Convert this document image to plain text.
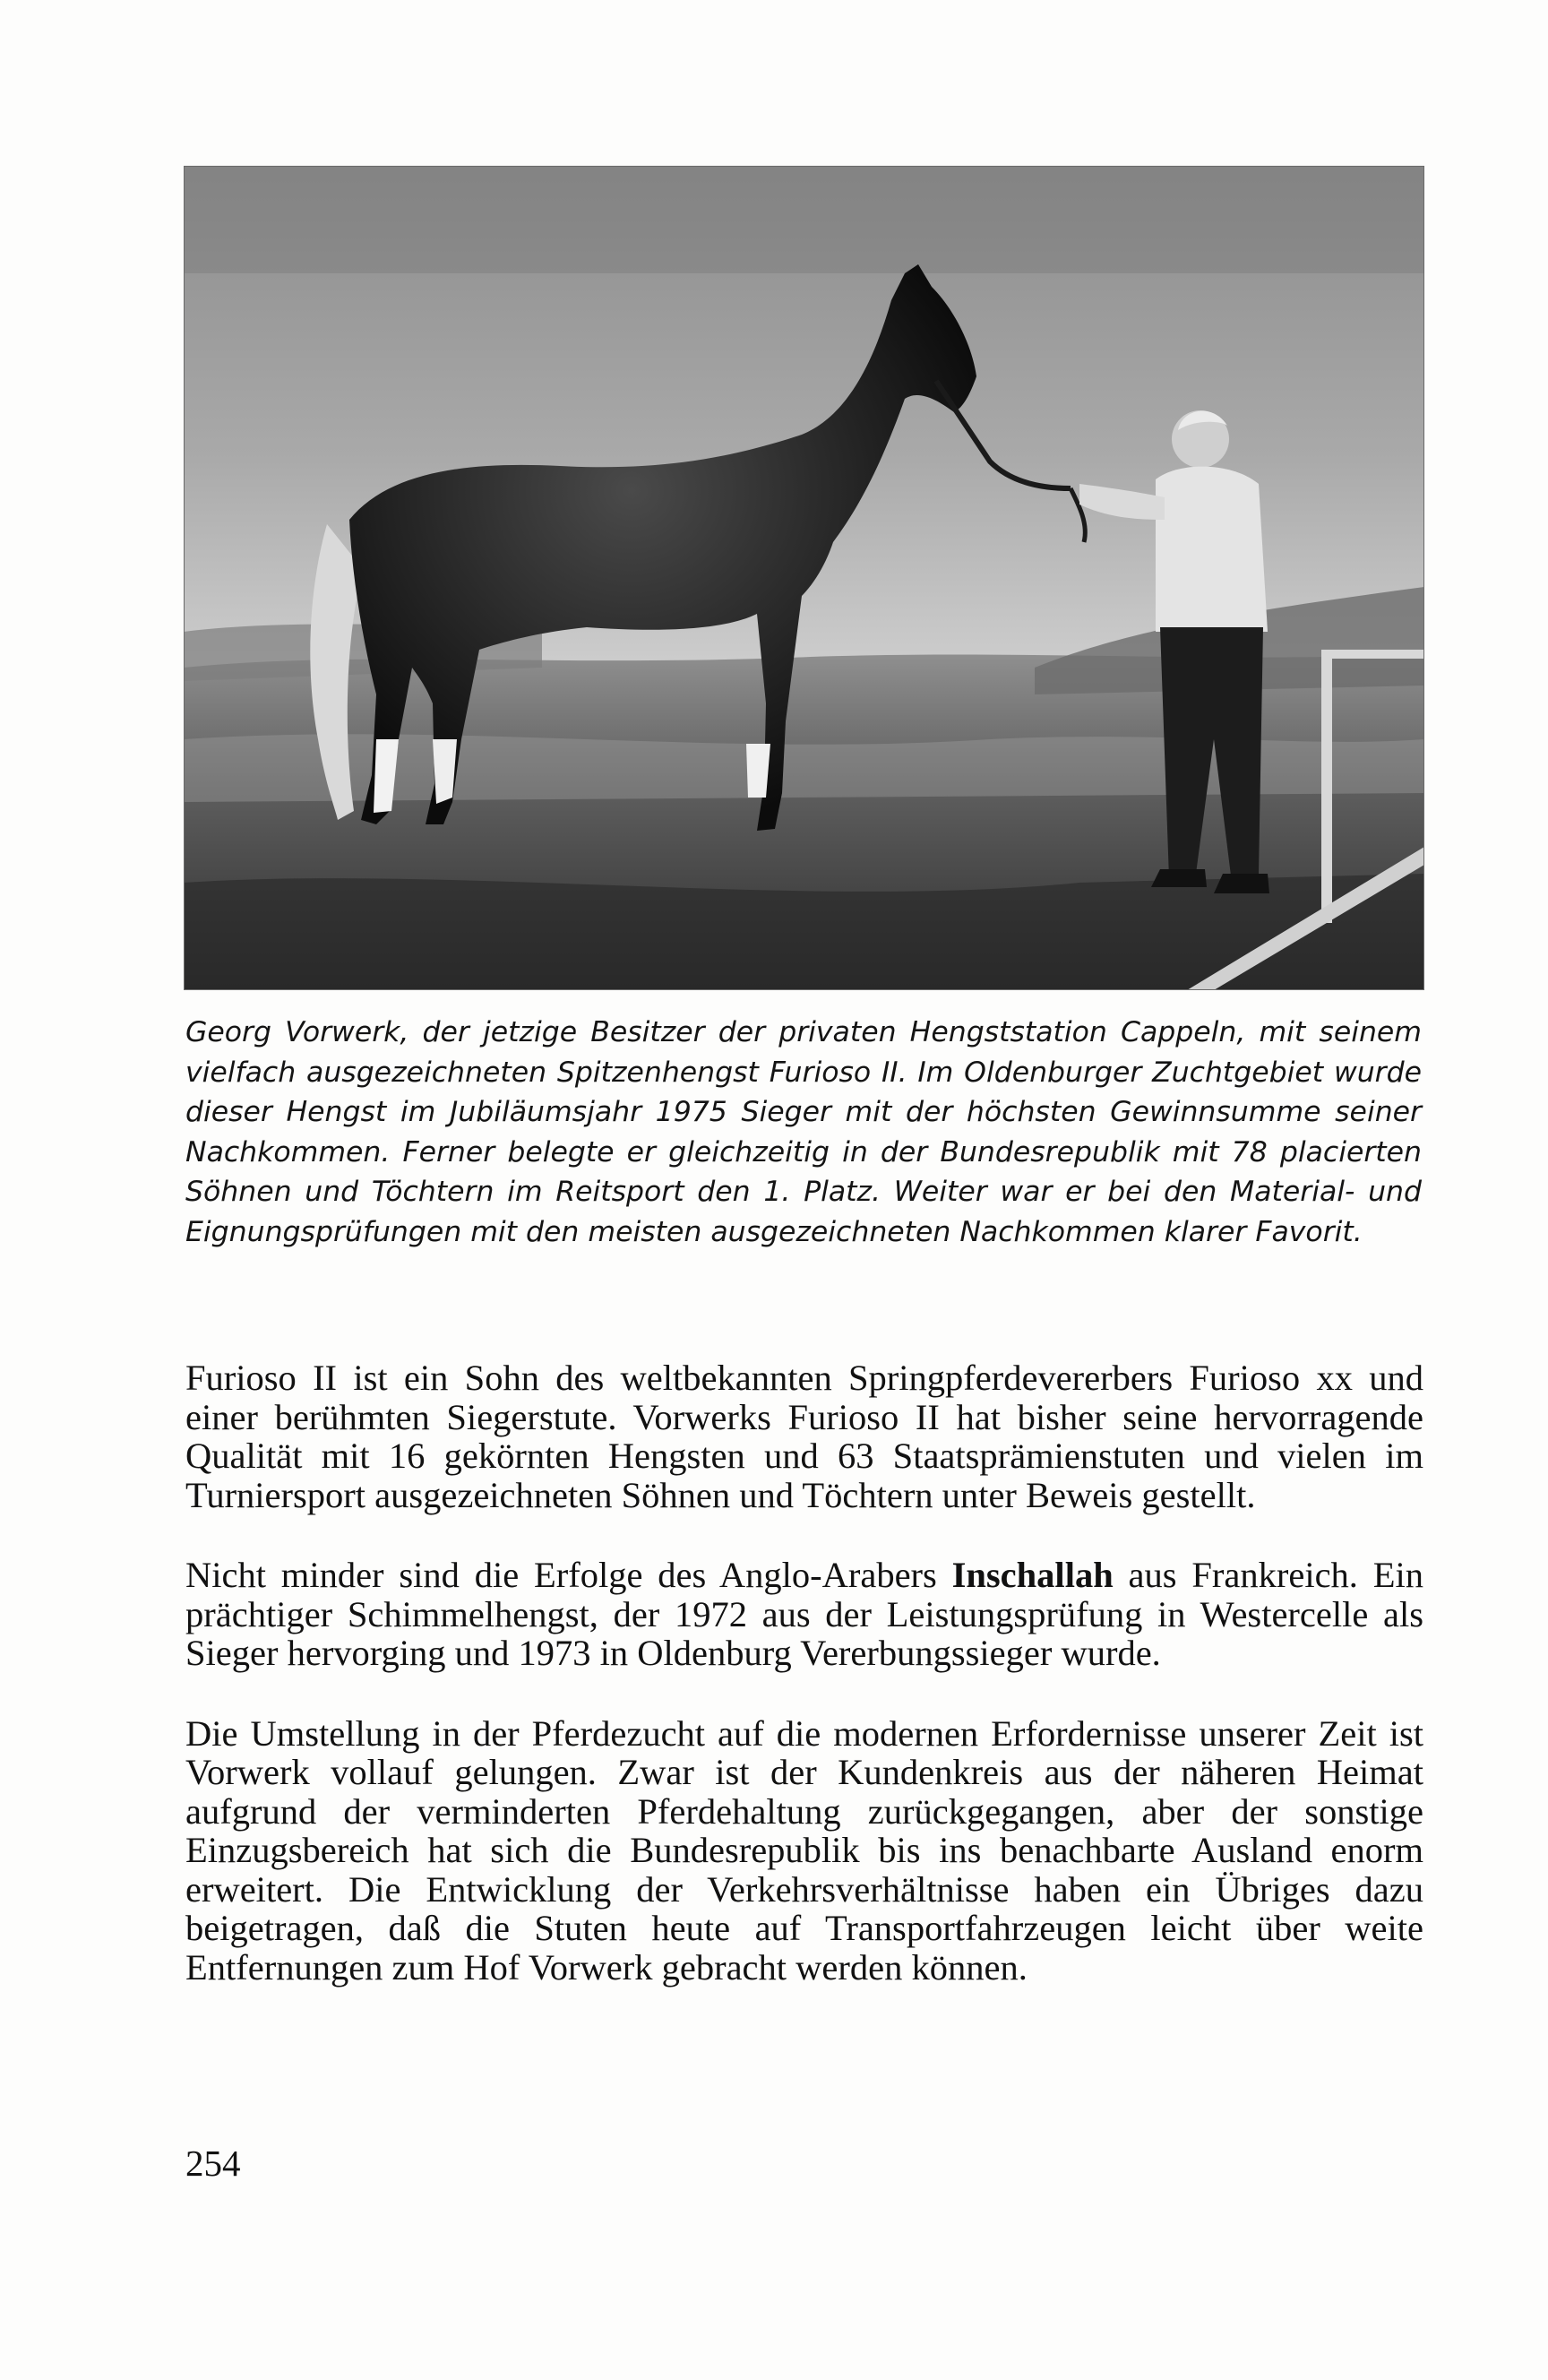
Georg Vorwerk, der jetzige Besitzer der privaten Hengststation Cappeln, mit seinem vielfach ausgezeichneten Spitzenhengst Furioso II. Im Oldenburger Zuchtgebiet wurde dieser Hengst im Jubiläumsjahr 1975 Sieger mit der höchsten Gewinnsumme seiner Nachkommen. Ferner belegte er gleichzeitig in der Bundesrepublik mit 78 placierten Söhnen und Töchtern im Reitsport den 1. Platz. Weiter war er bei den Material- und Eignungsprüfungen mit den meisten ausgezeichneten Nachkommen klarer Favorit.

Furioso II ist ein Sohn des weltbekannten Springpferdevererbers Furioso xx und einer berühmten Siegerstute. Vorwerks Furioso II hat bisher seine hervorragende Qualität mit 16 gekörnten Hengsten und 63 Staatsprämienstuten und vielen im Turniersport ausgezeichneten Söhnen und Töchtern unter Beweis gestellt.

Nicht minder sind die Erfolge des Anglo-Arabers Inschallah aus Frankreich. Ein prächtiger Schimmelhengst, der 1972 aus der Leistungsprüfung in Westercelle als Sieger hervorging und 1973 in Oldenburg Vererbungssieger wurde.

Die Umstellung in der Pferdezucht auf die modernen Erfordernisse unserer Zeit ist Vorwerk vollauf gelungen. Zwar ist der Kundenkreis aus der näheren Heimat aufgrund der verminderten Pferdehaltung zurückgegangen, aber der sonstige Einzugsbereich hat sich die Bundesrepublik bis ins benachbarte Ausland enorm erweitert. Die Entwicklung der Verkehrsverhältnisse haben ein Übriges dazu beigetragen, daß die Stuten heute auf Transportfahrzeugen leicht über weite Entfernungen zum Hof Vorwerk gebracht werden können.

254
